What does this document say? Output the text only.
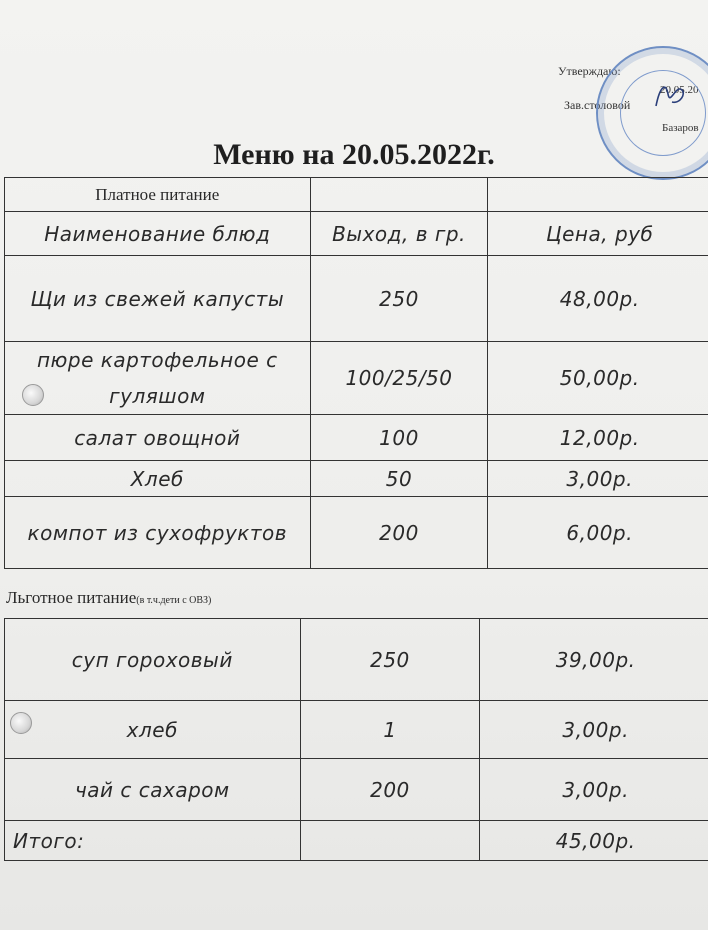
Утверждаю:
20.05.20
Зав.столовой
Базаров
Меню на 20.05.2022г.
Платное питание		
Наименование блюд	Выход, в гр.	Цена, руб
Щи из свежей капусты	250	48,00р.
пюре картофельное с гуляшом	100/25/50	50,00р.
салат овощной	100	12,00р.
Хлеб	50	3,00р.
компот из сухофруктов	200	6,00р.
Льготное питание(в т.ч.дети с ОВЗ)
суп гороховый	250	39,00р.
хлеб	1	3,00р.
чай с сахаром	200	3,00р.
Итого:		45,00р.
